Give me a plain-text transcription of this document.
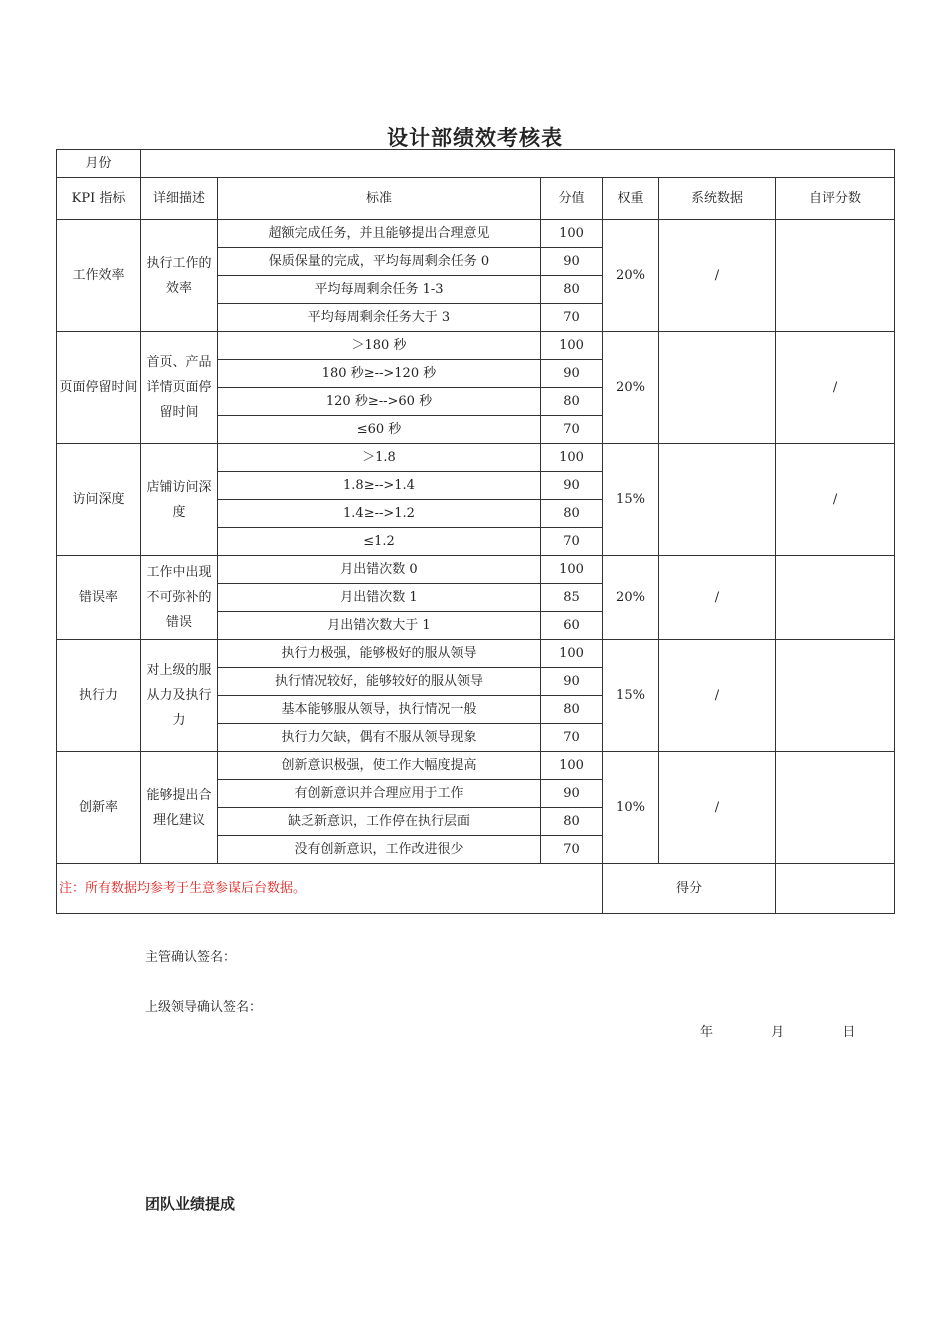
设计部绩效考核表
月份						
KPI 指标	详细描述	标准	分值	权重	系统数据	自评分数
工作效率	执行工作的效率	超额完成任务，并且能够提出合理意见	100	20%	/	
		保质保量的完成，平均每周剩余任务 0	90			
		平均每周剩余任务 1-3	80			
		平均每周剩余任务大于 3	70			
页面停留时间	首页、产品详情页面停留时间	＞180 秒	100	20%		/
		180 秒≥-->120 秒	90			
		120 秒≥-->60 秒	80			
		≤60 秒	70			
访问深度	店铺访问深度	＞1.8	100	15%		/
		1.8≥-->1.4	90			
		1.4≥-->1.2	80			
		≤1.2	70			
错误率	工作中出现不可弥补的错误	月出错次数 0	100	20%	/	
		月出错次数 1	85			
		月出错次数大于 1	60			
执行力	对上级的服从力及执行力	执行力极强，能够极好的服从领导	100	15%	/	
		执行情况较好，能够较好的服从领导	90			
		基本能够服从领导，执行情况一般	80			
		执行力欠缺，偶有不服从领导现象	70			
创新率	能够提出合理化建议	创新意识极强，使工作大幅度提高	100	10%	/	
		有创新意识并合理应用于工作	90			
		缺乏新意识，工作停在执行层面	80			
		没有创新意识，工作改进很少	70			
注：所有数据均参考于生意参谋后台数据。				得分		
主管确认签名：
上级领导确认签名：
年	月	日
团队业绩提成
